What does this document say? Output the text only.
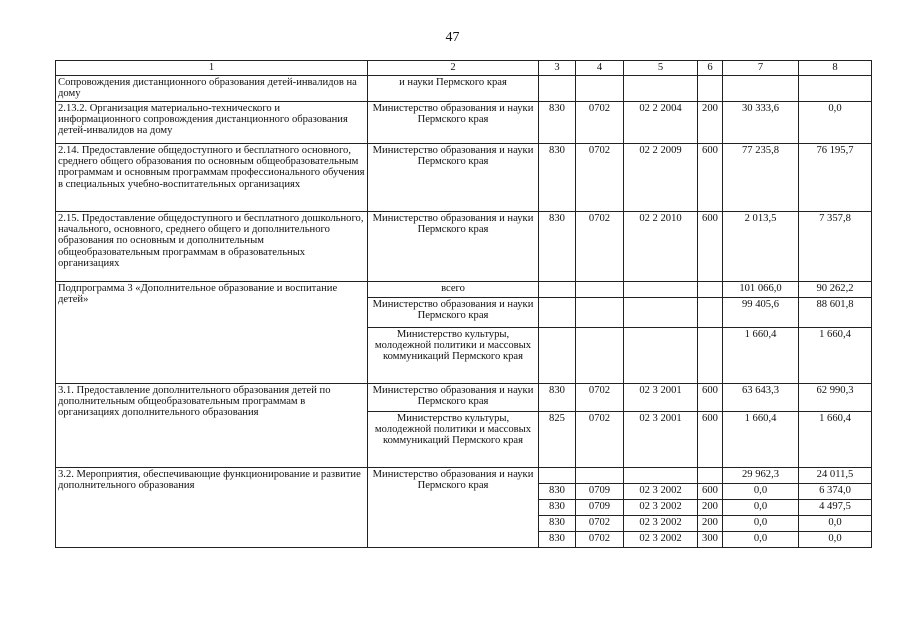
47
1	2	3	4	5	6	7	8
Сопровождения дистанционного образования детей-инвалидов на дому	и науки Пермского края						
2.13.2. Организация материально-технического и информационного сопровождения дистанционного образования детей-инвалидов на дому	Министерство образования и науки Пермского края	830	0702	02 2 2004	200	30 333,6	0,0
2.14. Предоставление общедоступного и бесплатного основного, среднего общего образования по основным общеобразовательным программам и основным программам профессионального обучения в специальных учебно-воспитательных организациях	Министерство образования и науки Пермского края	830	0702	02 2 2009	600	77 235,8	76 195,7
2.15. Предоставление общедоступного и бесплатного дошкольного, начального, основного, среднего общего и дополнительного образования по основным и дополнительным общеобразовательным программам в образовательных организациях	Министерство образования и науки Пермского края	830	0702	02 2 2010	600	2 013,5	7 357,8
Подпрограмма 3 «Дополнительное образование и воспитание детей»	всего					101 066,0	90 262,2
	Министерство образования и науки Пермского края					99 405,6	88 601,8
	Министерство культуры, молодежной политики и массовых коммуникаций Пермского края					1 660,4	1 660,4
3.1. Предоставление дополнительного образования детей по дополнительным общеобразовательным программам в организациях дополнительного образования	Министерство образования и науки Пермского края	830	0702	02 3 2001	600	63 643,3	62 990,3
	Министерство культуры, молодежной политики и массовых коммуникаций Пермского края	825	0702	02 3 2001	600	1 660,4	1 660,4
3.2. Мероприятия, обеспечивающие функционирование и развитие дополнительного образования	Министерство образования и науки Пермского края					29 962,3	24 011,5
		830	0709	02 3 2002	600	0,0	6 374,0
		830	0709	02 3 2002	200	0,0	4 497,5
		830	0702	02 3 2002	200	0,0	0,0
		830	0702	02 3 2002	300	0,0	0,0
